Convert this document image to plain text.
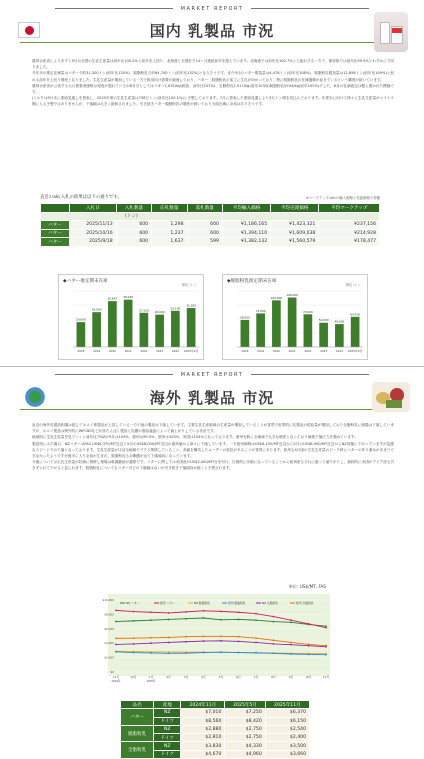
MARKET REPORT
国内 乳製品 市況

農林水産省によりますと9月の全国の生乳生産量は前年比100.2%と前年を上回り、北海道と全国計で14ヶ月連続前年を超えています。北海道では前年比100.7%と上振れする一方で、都府県では前年比99.5%とわずかに下回りました。

今年末の推定在庫量はバターで約31,300トン(前年比120%)、脱脂粉乳で約64,700トン(前年比132%)となりそうです。また9月のバター製造量は4,478トン(前年比108%)、脱脂粉乳製造量は12,856トン(前年比109%)と何れも前年を上回り増産となりました。生乳生産量が増加している一方で飲用向け需要が減速しており、バター・脱脂粉乳の加工に生乳が向かっており、特に脱脂粉乳の在庫過剰が起きているという構図が続いています。

農林水産省が公表する大口需要者価格は発表が遅れているが8月分としてはバター1,632/kg(税抜、前年比107%)、全脂粉乳1,017/kg(前年103%)脱脂粉乳¥744/kg(前年102%)でした。6月の乳価改定は据え置かれた模様です。

Jミルクは9月末に需給見通しを発表し、2025年度の生乳生産量は738万トン(前年比100.1%)と予想しております。7月に発表した需給見通しより3万トン増を見込んでおります。年度末に向けて徐々に生乳生産量がマイナス圏に入る予想ではありませんが、下落幅は大きく緩和されました。引き続きバター脱脂粉乳の増産が続いており当面在庫に余裕はありそうです。

直近のalic入札の結果は以下の通りです。	※マークアップ:alicの輸入価格と売渡価格の差額
	入札日	入札数量	応札数量	落札数量	平均輸入価格	平均売渡価格	平均マークアップ
(トン)							
バター	2025/11/13	600	1,298	600	¥1,186,165	¥1,423,321	¥237,156
バター	2025/10/16	600	1,237	600	¥1,394,110	¥1,609,038	¥214,928
バター	2025/9/18	600	1,637	599	¥1,382,132	¥1,560,579	¥178,477
◆バター推定期末在庫
単位:トン
20,000
2018
28,000
2019
36,847
2020
38,039
2021
27,500
2022
26,000
2023
29,100
2024
31,300
2025年9月
◆脱脂粉乳推定期末在庫
単位:トン
58,000
2018
72,000
2019
100,000
2020
106,000
2021
70,000
2022
52,000
2023
49,000
2024
64,700
2025年9月
MARKET REPORT
海外 乳製品 市況

直近の海外乳製品相場は総じてホエイ系製品が上昇している一方で他の製品は下落しています。主要生乳生産地域の生産量が増加していることが背景で世界的に乳製品の供給量が増加しており全脂粉乳に相場は下落していますが、ホエイ製品は例外的にWPC80などが高たんぱく製品と乳糖の需給逼迫によって値上がりしている状況です。

地域別に生乳生産量を見ていくと前年比でNZが9月は103%、豪州は99.5%、欧州は103%、米国は104%となっております。豪州を除く全地域で大きな増産となっており価格下落圧力を強めています。

製品別にみた場合、NZバターはFAS US$6,370/MT近辺と5月のUS$8,000/MT近辺の最高値から徐々に下落しています。一方欧州価格はUS$6,150/MT近辺から5月のUS$8,900/MT近辺からNZ同様に下がっていますが急激なスピードでの下落となっております。生乳生産量がほぼ全地域でプラス推移していること、高値を嫌気したユーザーの抵抗があることが背景にあります。欧州も4月頃の生乳生産量のピーク時にバターの作り溜めがあまりできなかったようですが後半に入り余裕が生まれ、脱脂粉乳も余剰感が出て下落傾向になっています。

今後については生乳生産量が好調に推移し相場は軟調継続が濃厚です。バターに関しては米国産がUS$3,000/MT台を付け、圧倒的に安価になっていることから欧州産もそれに倣って値下がりし、最終的に米国がアジア産も引きずられて下がると見られます。脱脂粉乳についてもバターほどの下落幅はないが引き続き下落傾向が続くと予想されます。

単位: US$/MT, FAS
$0
$2,000
$4,000
$6,000
$8,000
$10,000
11月
2024年
12月	1月
2025年
2月	3月	4月	5月	6月	7月	8月	9月	10月	11月
NZ バター	欧州 バター	NZ 脱脂粉乳	欧州 脱脂粉乳	NZ 全脂粉乳	欧州 全脂粉乳
品名	産地	2024年11月	2025年5月	2025年11月
バター	NZ	$7,010	$7,250	$6,370
	ドイツ	$8,560	$8,420	$6,150
脱脂粉乳	NZ	$2,880	$2,750	$2,540
	ドイツ	$2,810	$2,750	$2,400
全脂粉乳	NZ	$3,830	$4,330	$3,500
	ドイツ	$4,670	$4,960	$3,660
